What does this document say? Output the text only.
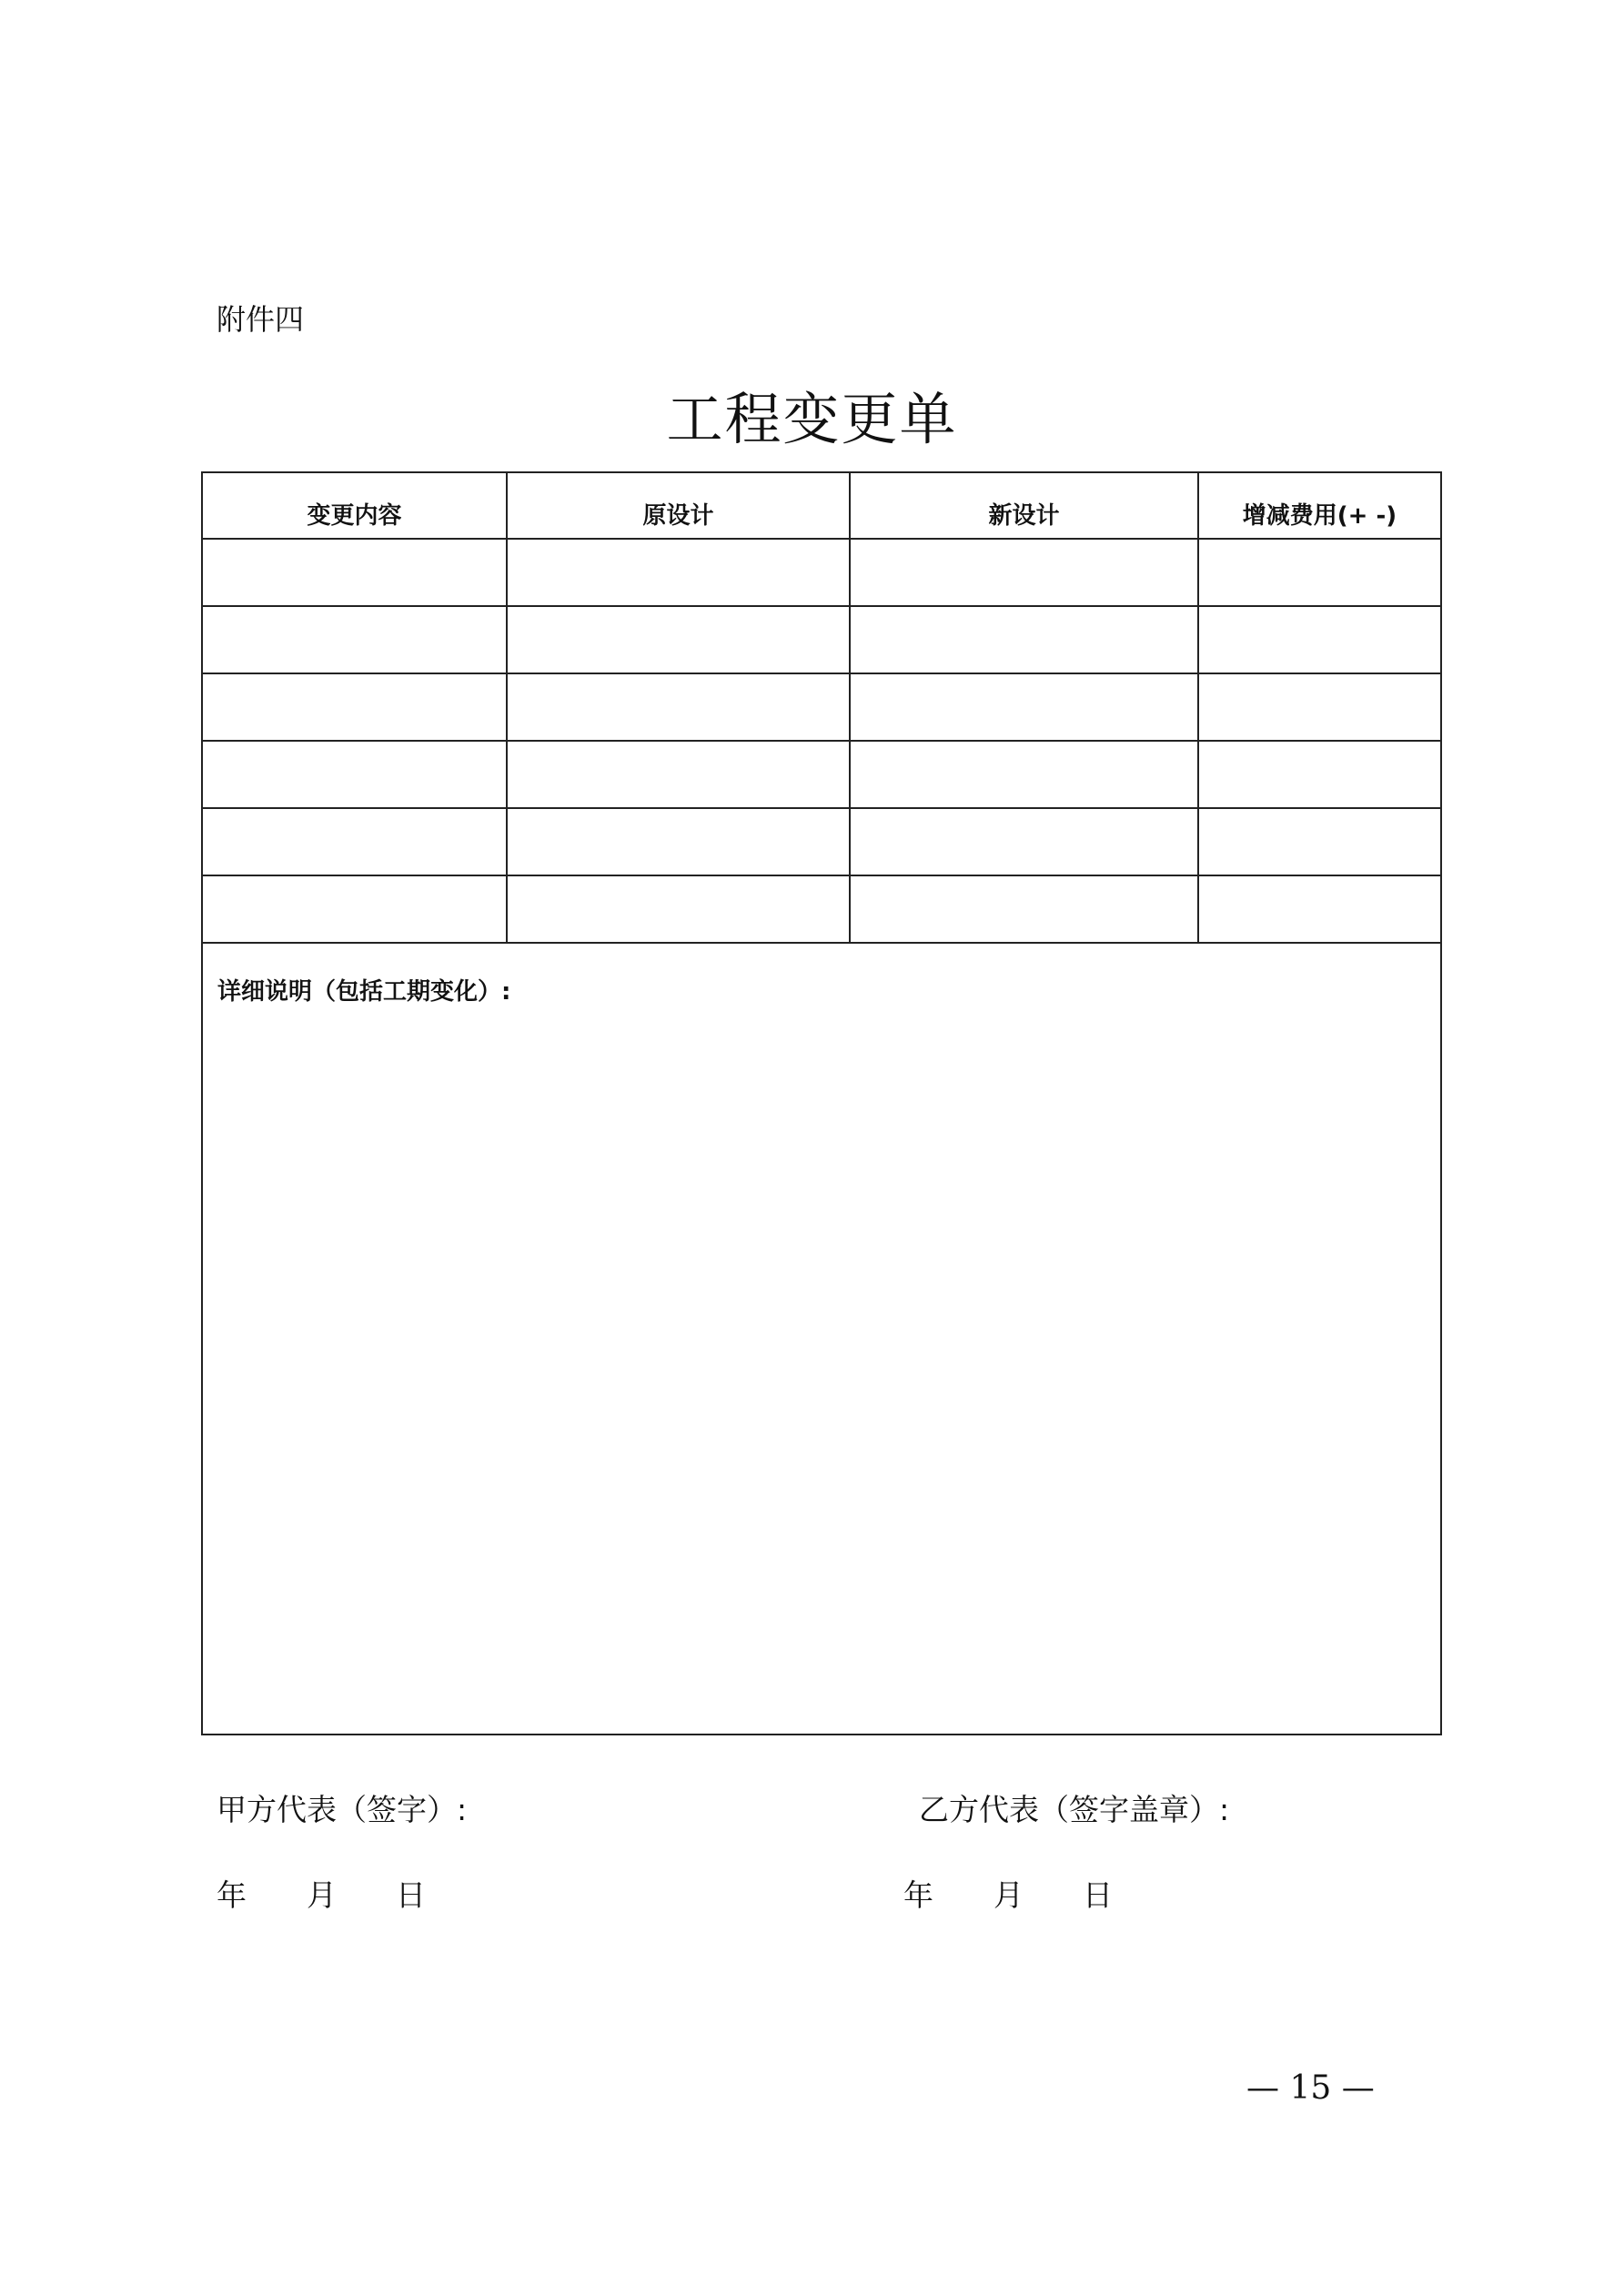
附件四
工程变更单
变更内容	原设计	新设计	增减费用(+ -)

详细说明（包括工期变化）:			
甲方代表（签字）:	乙方代表（签字盖章）:
年 月 日	年 月 日
— 15 —
